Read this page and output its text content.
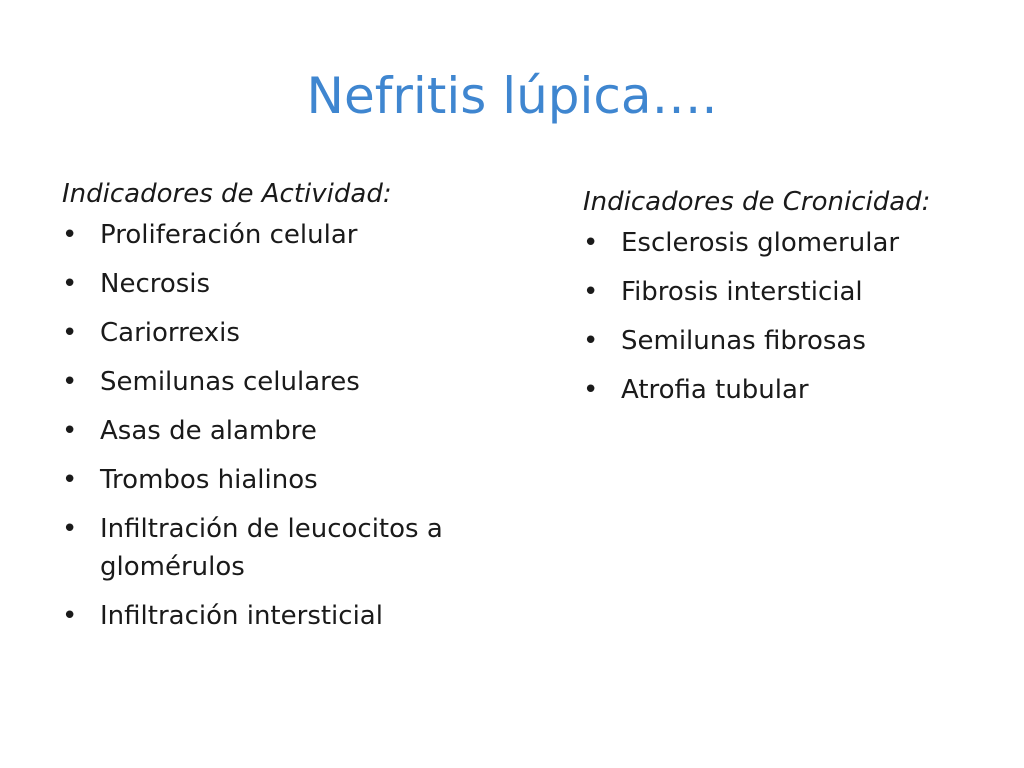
Nefritis lúpica….

Indicadores de Actividad:

• Proliferación celular
• Necrosis
• Cariorrexis
• Semilunas celulares
• Asas de alambre
• Trombos hialinos
• Infiltración de leucocitos a glomérulos
• Infiltración intersticial

Indicadores de Cronicidad:

• Esclerosis glomerular
• Fibrosis intersticial
• Semilunas fibrosas
• Atrofia tubular
